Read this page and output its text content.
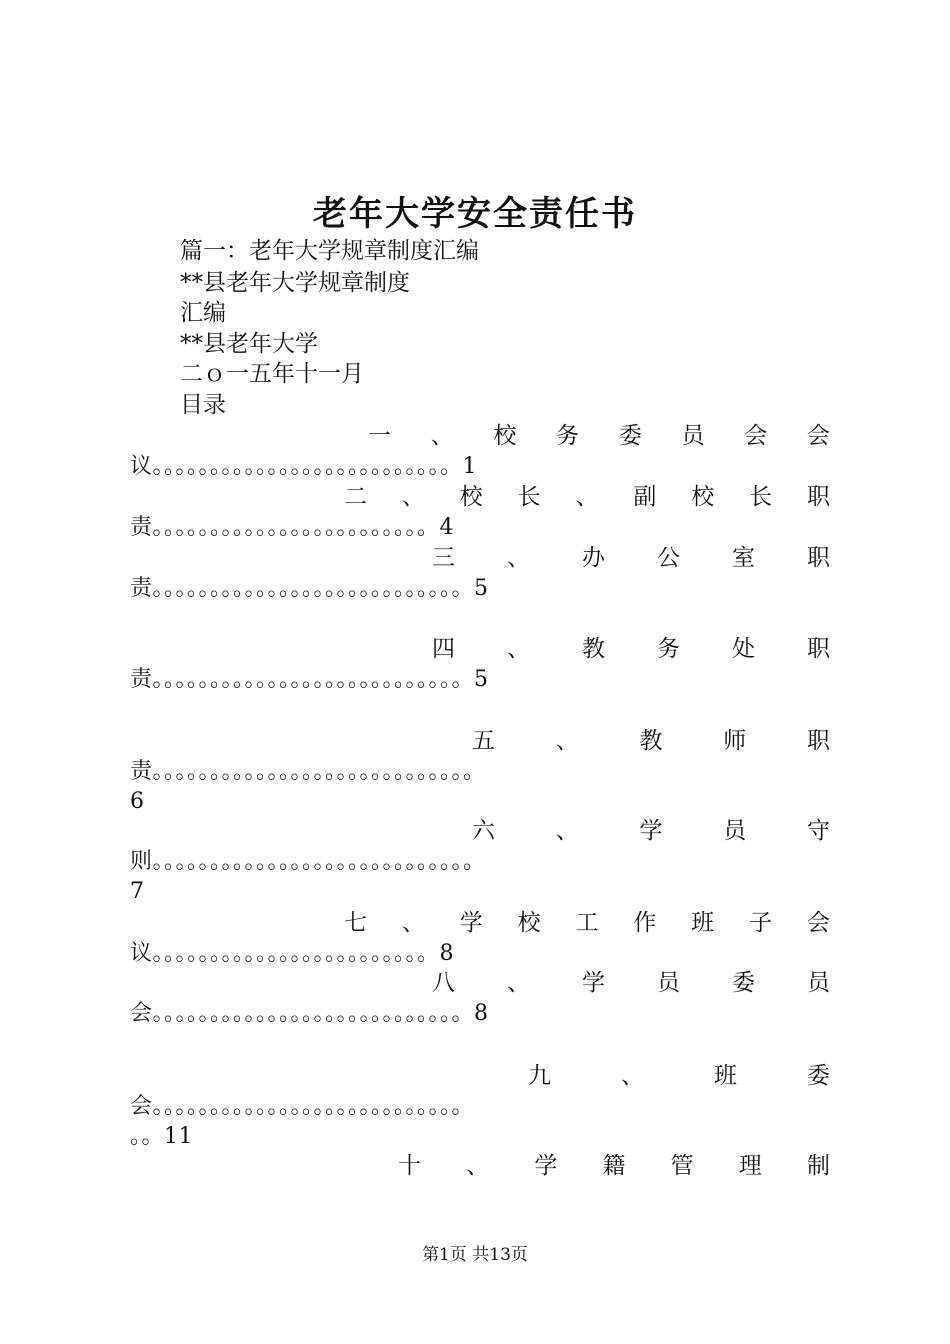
老年大学安全责任书
篇一：老年大学规章制度汇编
**县老年大学规章制度
汇编
**县老年大学
二ｏ一五年十一月
目录
一 、 校 务 委 员 会 会
议。。。。。。。。。。。。。。。。。。。。。。。。。。1
二 、 校 长 、 副 校 长 职
责。。。。。。。。。。。。。。。。。。。。。。。。4
三 、 办 公 室 职
责。。。。。。。。。。。。。。。。。。。。。。。。。。。5
四 、 教 务 处 职
责。。。。。。。。。。。。。。。。。。。。。。。。。。。5
五	、	教	师	职
责。。。。。。。。。。。。。。。。。。。。。。。。。。。。
6
六	、	学	员	守
则。。。。。。。。。。。。。。。。。。。。。。。。。。。。
7
七 、 学 校 工 作 班 子 会
议。。。。。。。。。。。。。。。。。。。。。。。。8
八 、 学 员 委 员
会。。。。。。。。。。。。。。。。。。。。。。。。。。。8
九	、	班	委
会。。。。。。。。。。。。。。。。。。。。。。。。。。。
。。11
十 、 学 籍 管 理 制
第1页 共13页
